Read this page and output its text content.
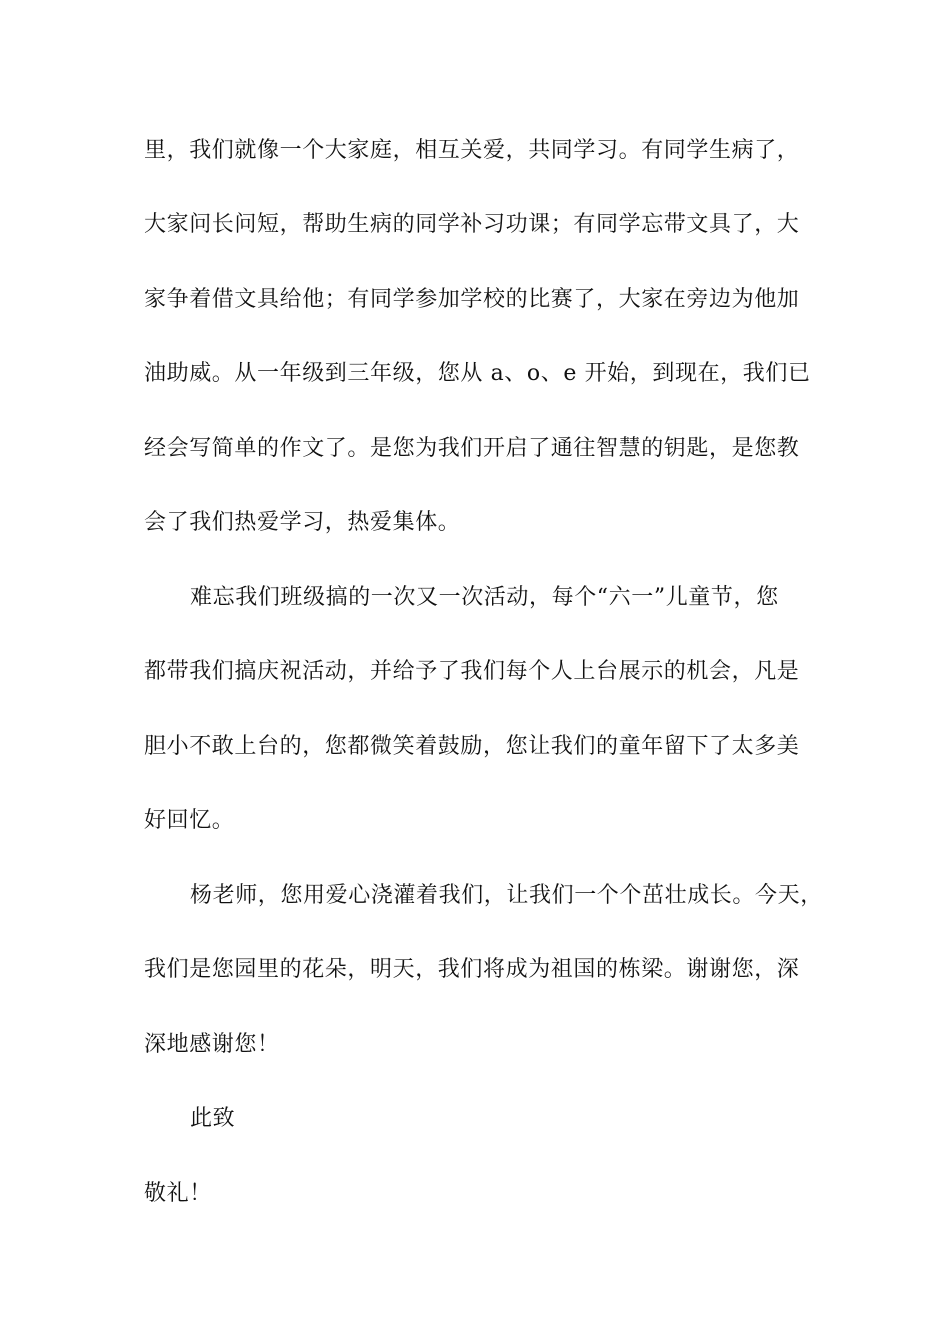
里，我们就像一个大家庭，相互关爱，共同学习。有同学生病了，
大家问长问短，帮助生病的同学补习功课；有同学忘带文具了，大
家争着借文具给他；有同学参加学校的比赛了，大家在旁边为他加
油助威。从一年级到三年级，您从 a、o、e 开始，到现在，我们已
经会写简单的作文了。是您为我们开启了通往智慧的钥匙，是您教
会了我们热爱学习，热爱集体。
难忘我们班级搞的一次又一次活动，每个“六一”儿童节，您
都带我们搞庆祝活动，并给予了我们每个人上台展示的机会，凡是
胆小不敢上台的，您都微笑着鼓励，您让我们的童年留下了太多美
好回忆。
杨老师，您用爱心浇灌着我们，让我们一个个茁壮成长。今天，
我们是您园里的花朵，明天，我们将成为祖国的栋梁。谢谢您，深
深地感谢您！
此致
敬礼！
